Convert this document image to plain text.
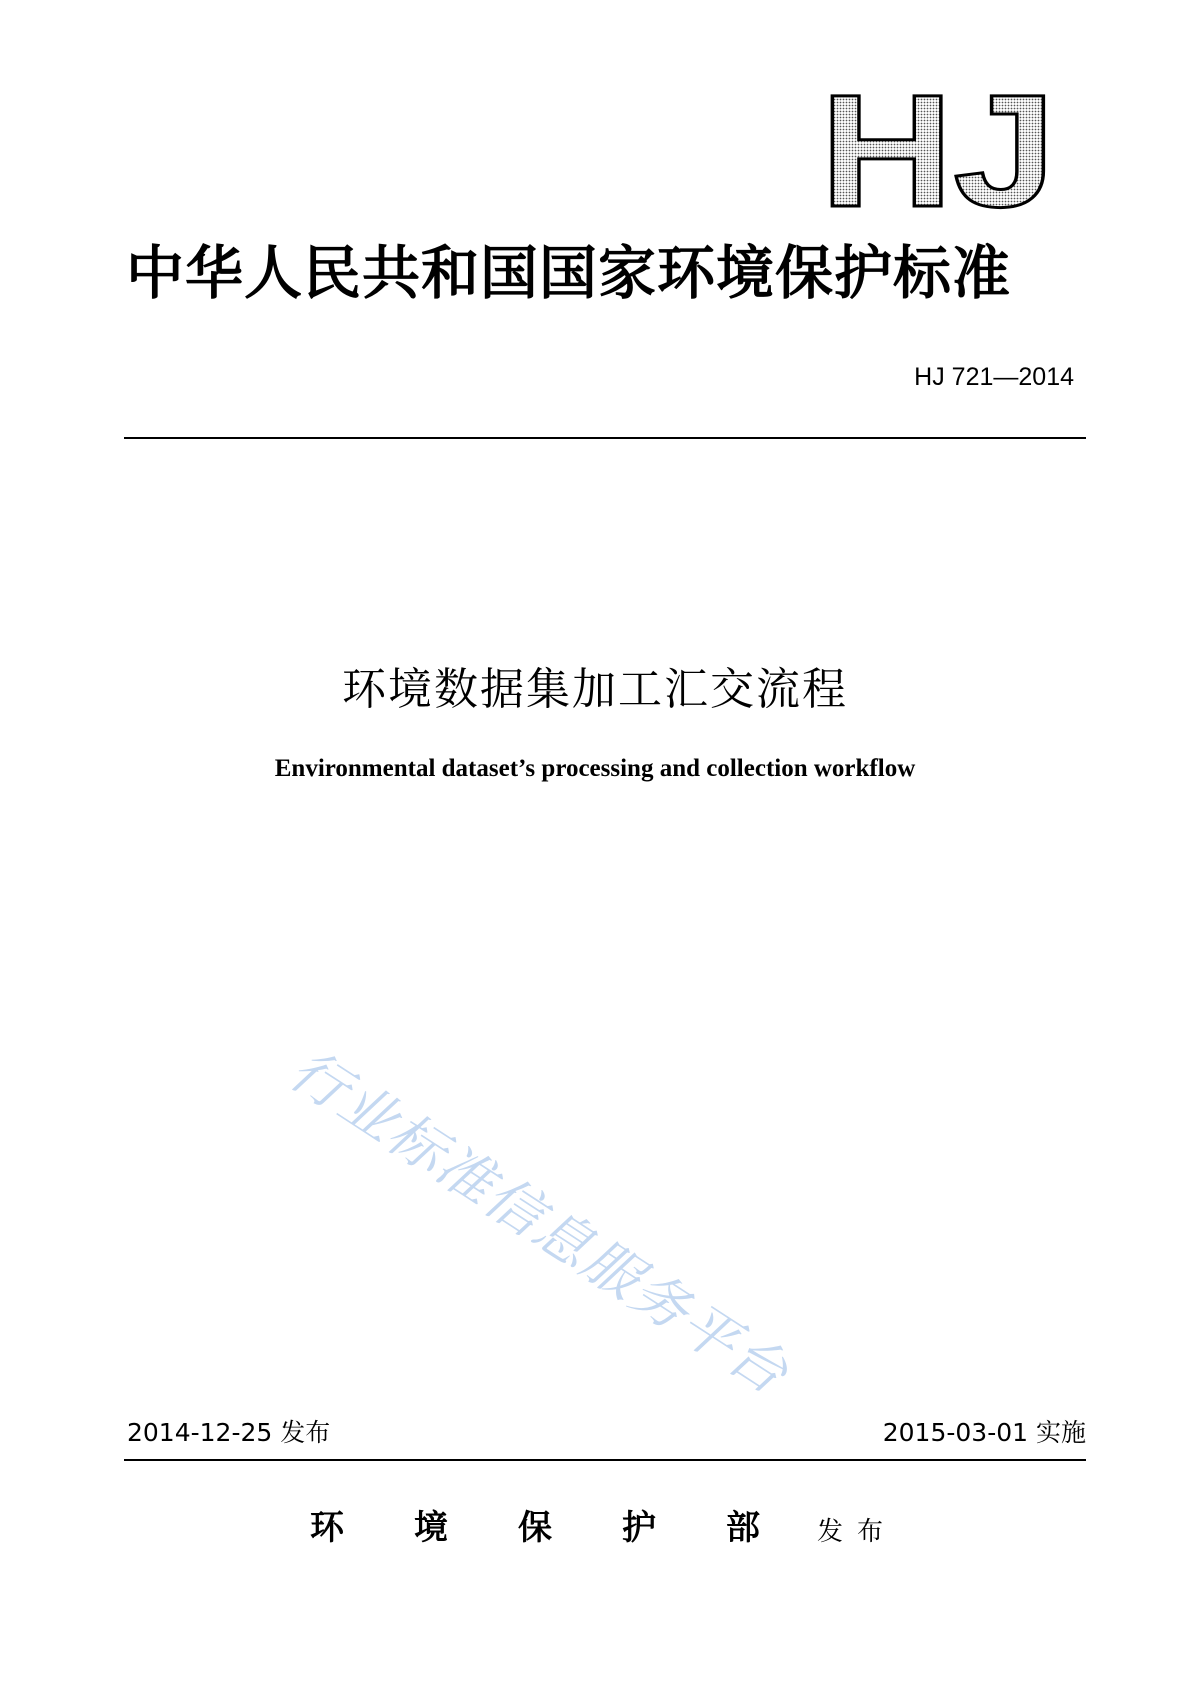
HJ
中华人民共和国国家环境保护标准
HJ 721—2014
环境数据集加工汇交流程
Environmental dataset’s processing and collection workflow
行业标准信息服务平台
2014-12-25 发布	2015-03-01 实施
环境保护部
发布
